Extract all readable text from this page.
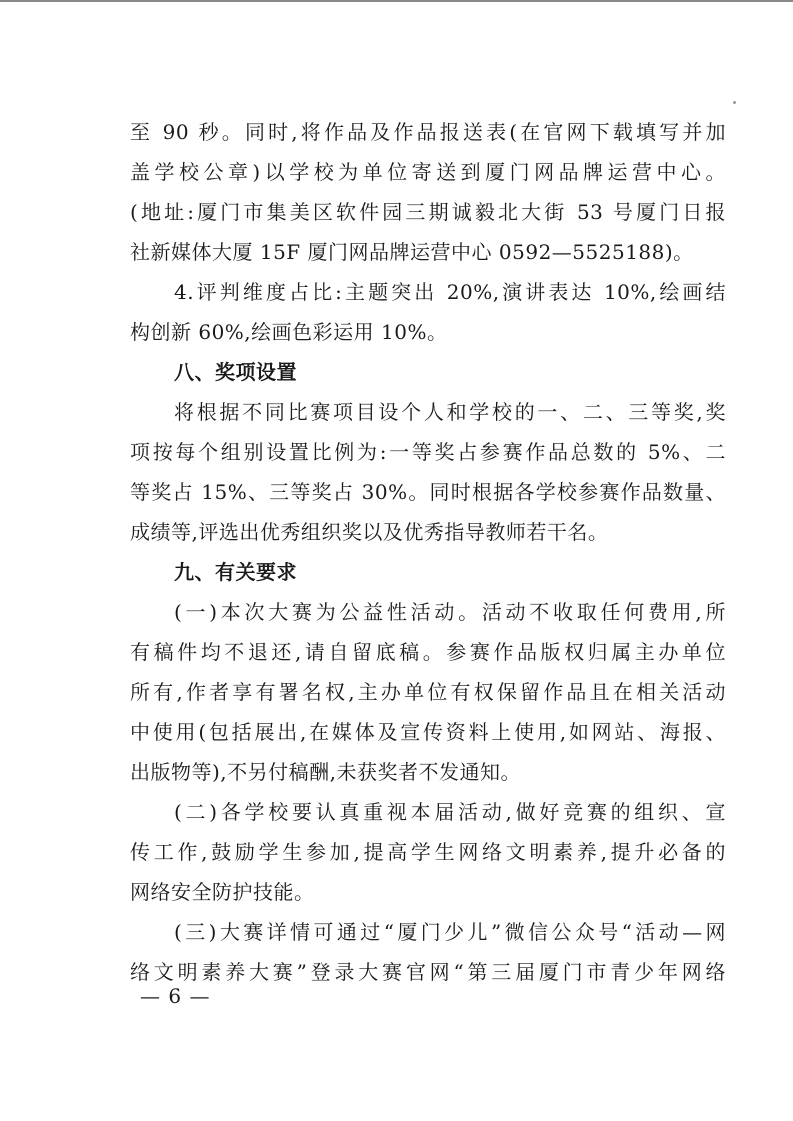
至 90 秒。同时,将作品及作品报送表(在官网下载填写并加
盖学校公章)以学校为单位寄送到厦门网品牌运营中心。
(地址:厦门市集美区软件园三期诚毅北大街 53 号厦门日报
社新媒体大厦 15F 厦门网品牌运营中心 0592—5525188)。
4.评判维度占比:主题突出 20%,演讲表达 10%,绘画结
构创新 60%,绘画色彩运用 10%。
八、奖项设置
将根据不同比赛项目设个人和学校的一、二、三等奖,奖
项按每个组别设置比例为:一等奖占参赛作品总数的 5%、二
等奖占 15%、三等奖占 30%。同时根据各学校参赛作品数量、
成绩等,评选出优秀组织奖以及优秀指导教师若干名。
九、有关要求
(一)本次大赛为公益性活动。活动不收取任何费用,所
有稿件均不退还,请自留底稿。参赛作品版权归属主办单位
所有,作者享有署名权,主办单位有权保留作品且在相关活动
中使用(包括展出,在媒体及宣传资料上使用,如网站、海报、
出版物等),不另付稿酬,未获奖者不发通知。
(二)各学校要认真重视本届活动,做好竞赛的组织、宣
传工作,鼓励学生参加,提高学生网络文明素养,提升必备的
网络安全防护技能。
(三)大赛详情可通过“厦门少儿”微信公众号“活动—网
络文明素养大赛”登录大赛官网“第三届厦门市青少年网络
— 6 —
